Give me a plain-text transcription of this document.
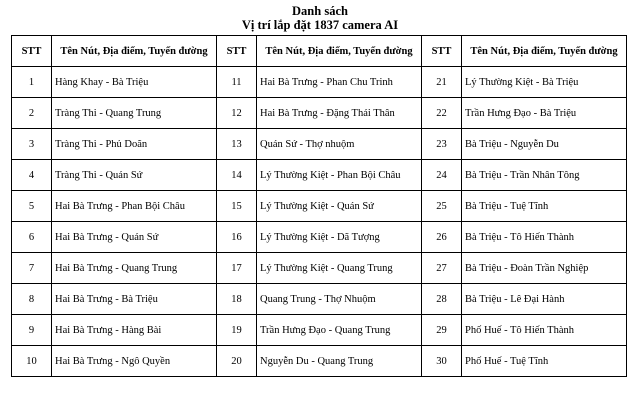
Danh sách
Vị trí lắp đặt 1837 camera AI
STT	Tên Nút, Địa điểm, Tuyến đường	STT	Tên Nút, Địa điểm, Tuyến đường	STT	Tên Nút, Địa điểm, Tuyến đường
1	Hàng Khay - Bà Triệu	11	Hai Bà Trưng - Phan Chu Trinh	21	Lý Thường Kiệt - Bà Triệu
2	Tràng Thi - Quang Trung	12	Hai Bà Trưng - Đặng Thái Thân	22	Trần Hưng Đạo - Bà Triệu
3	Tràng Thi - Phủ Doãn	13	Quán Sứ - Thợ nhuộm	23	Bà Triệu - Nguyễn Du
4	Tràng Thi - Quán Sứ	14	Lý Thường Kiệt - Phan Bội Châu	24	Bà Triệu - Trần Nhân Tông
5	Hai Bà Trưng - Phan Bội Châu	15	Lý Thường Kiệt - Quán Sứ	25	Bà Triệu - Tuệ Tĩnh
6	Hai Bà Trưng - Quán Sứ	16	Lý Thường Kiệt - Dã Tượng	26	Bà Triệu - Tô Hiến Thành
7	Hai Bà Trưng - Quang Trung	17	Lý Thường Kiệt - Quang Trung	27	Bà Triệu - Đoàn Trần Nghiệp
8	Hai Bà Trưng - Bà Triệu	18	Quang Trung - Thợ Nhuộm	28	Bà Triệu - Lê Đại Hành
9	Hai Bà Trưng - Hàng Bài	19	Trần Hưng Đạo - Quang Trung	29	Phố Huế - Tô Hiến Thành
10	Hai Bà Trưng - Ngô Quyền	20	Nguyễn Du - Quang Trung	30	Phố Huế - Tuệ Tĩnh
